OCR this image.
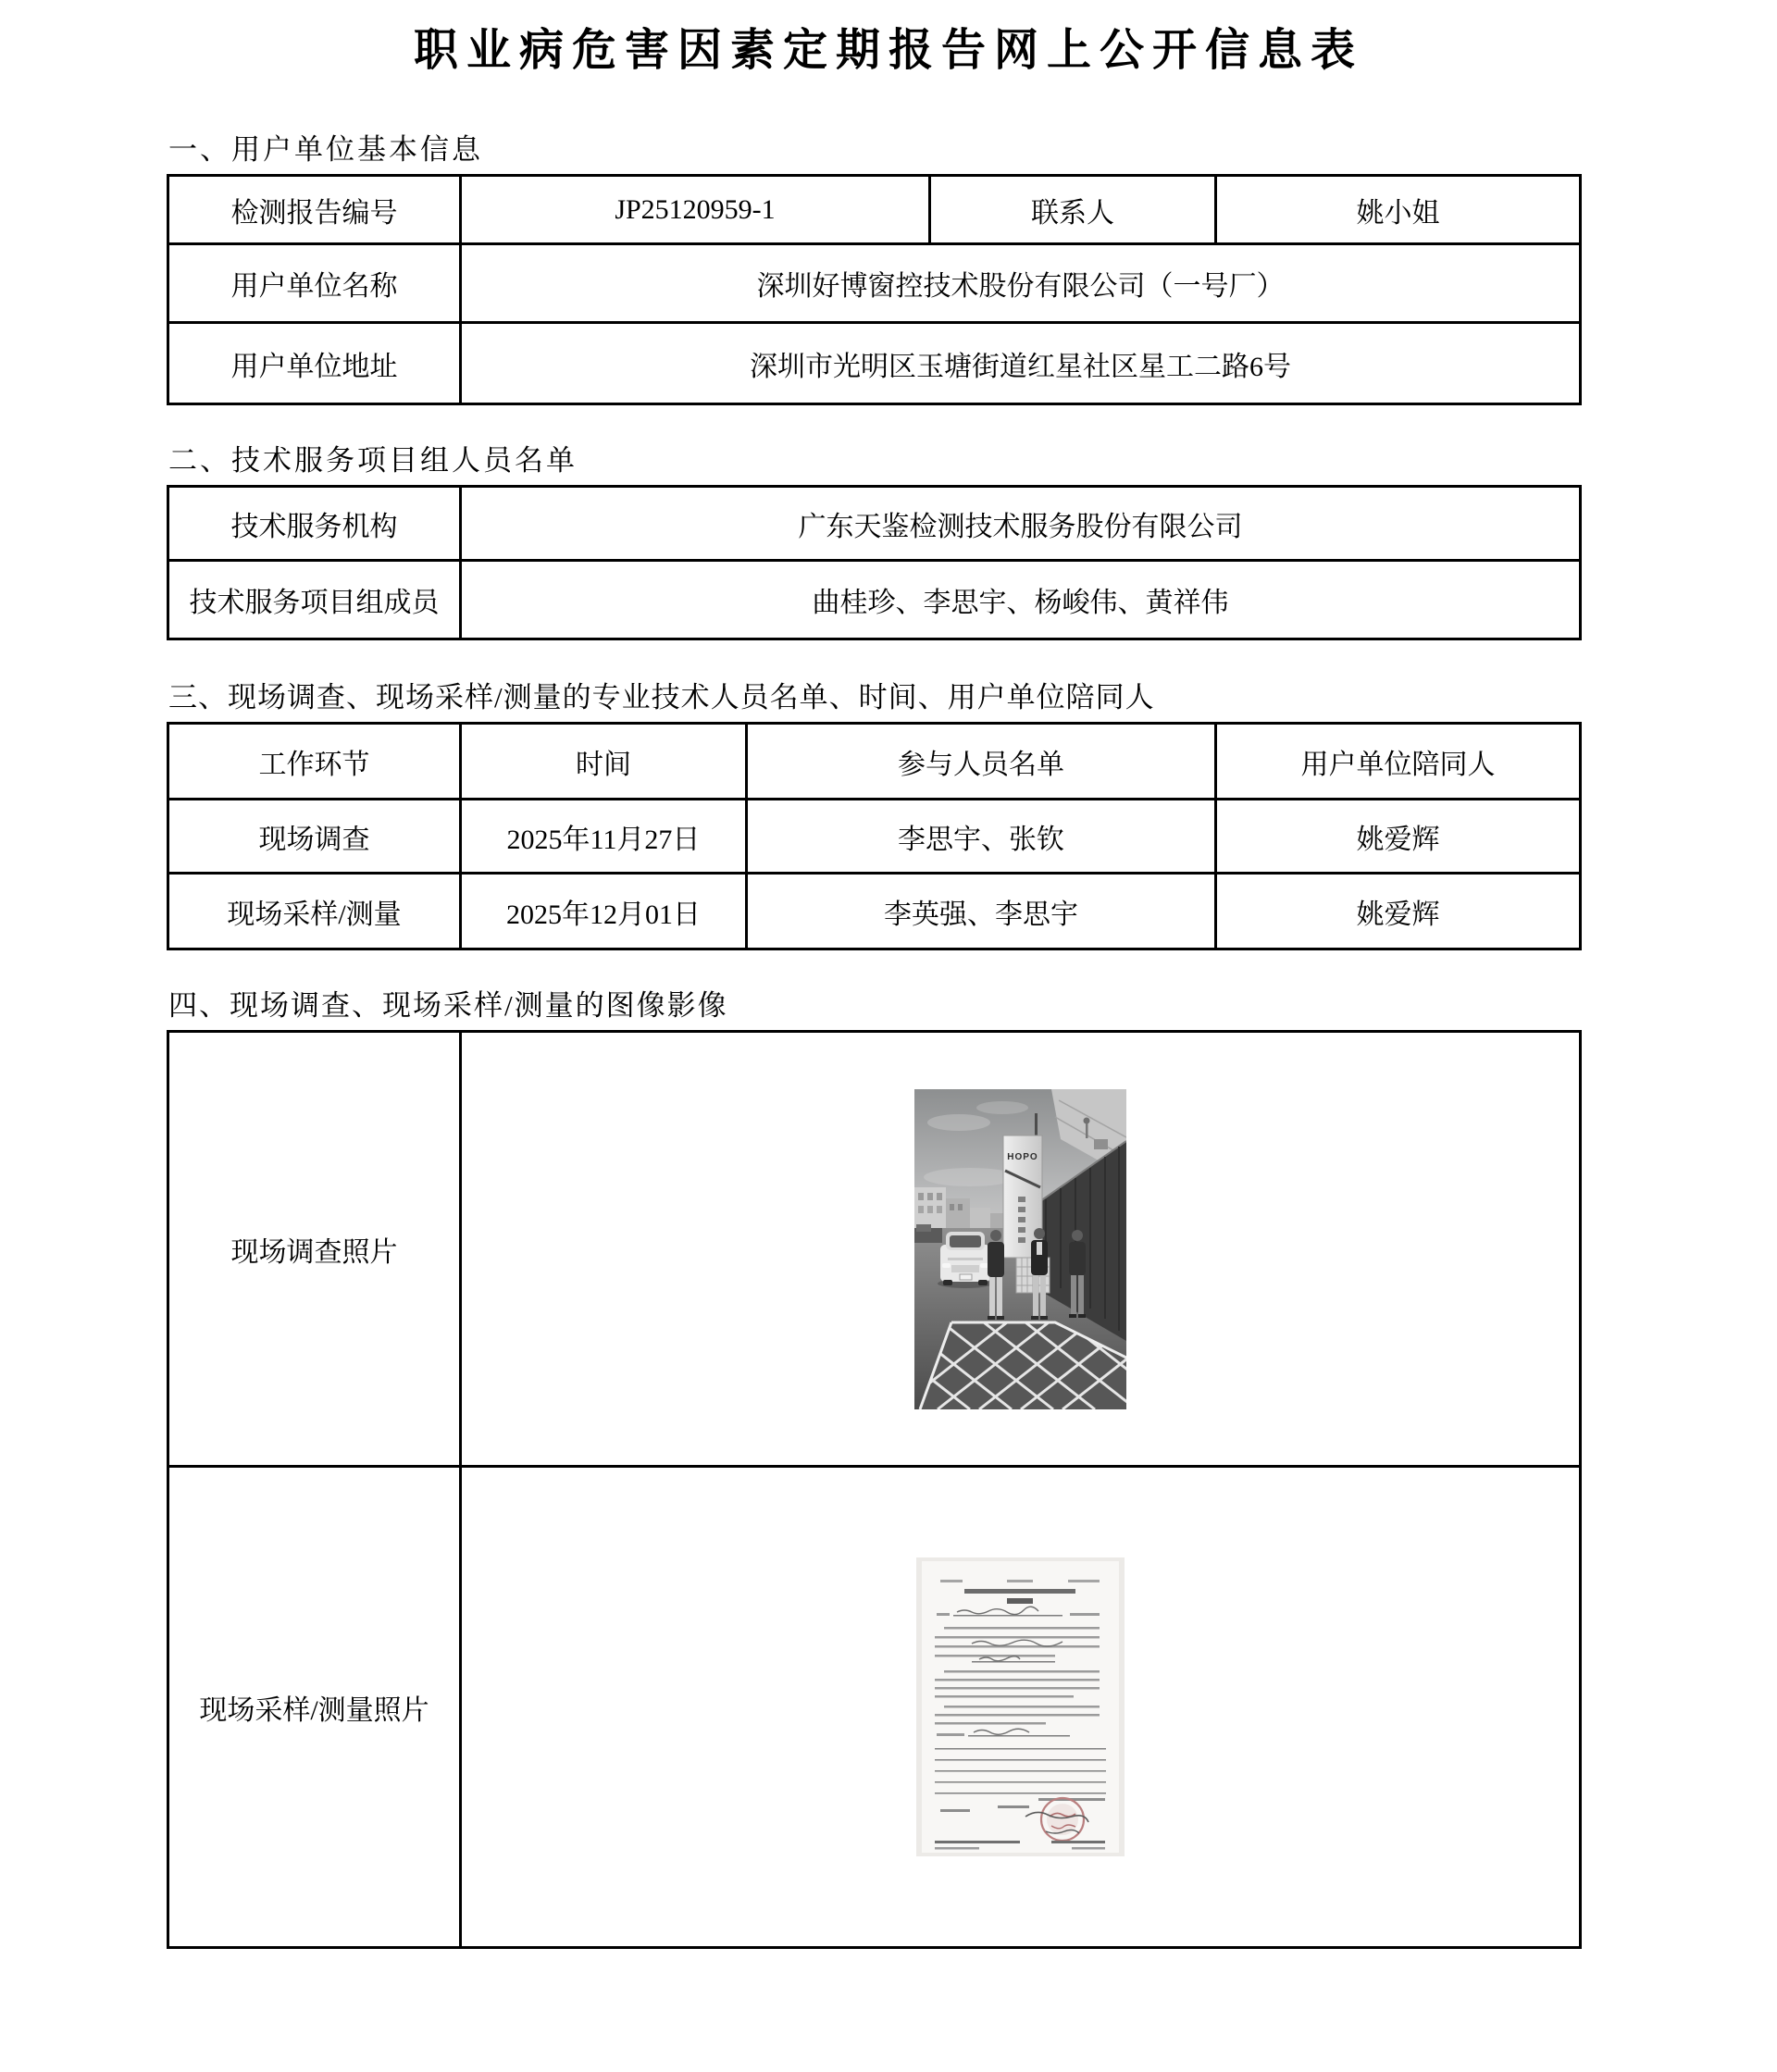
职业病危害因素定期报告网上公开信息表
一、用户单位基本信息
检测报告编号	JP25120959-1	联系人	姚小姐
用户单位名称	深圳好博窗控技术股份有限公司（一号厂）		
用户单位地址	深圳市光明区玉塘街道红星社区星工二路6号		
二、技术服务项目组人员名单
技术服务机构	广东天鉴检测技术服务股份有限公司
技术服务项目组成员	曲桂珍、李思宇、杨峻伟、黄祥伟
三、现场调查、现场采样/测量的专业技术人员名单、时间、用户单位陪同人
工作环节	时间	参与人员名单	用户单位陪同人
现场调查	2025年11月27日	李思宇、张钦	姚爱辉
现场采样/测量	2025年12月01日	李英强、李思宇	姚爱辉
四、现场调查、现场采样/测量的图像影像
现场调查照片	HOPO

现场采样/测量照片	
